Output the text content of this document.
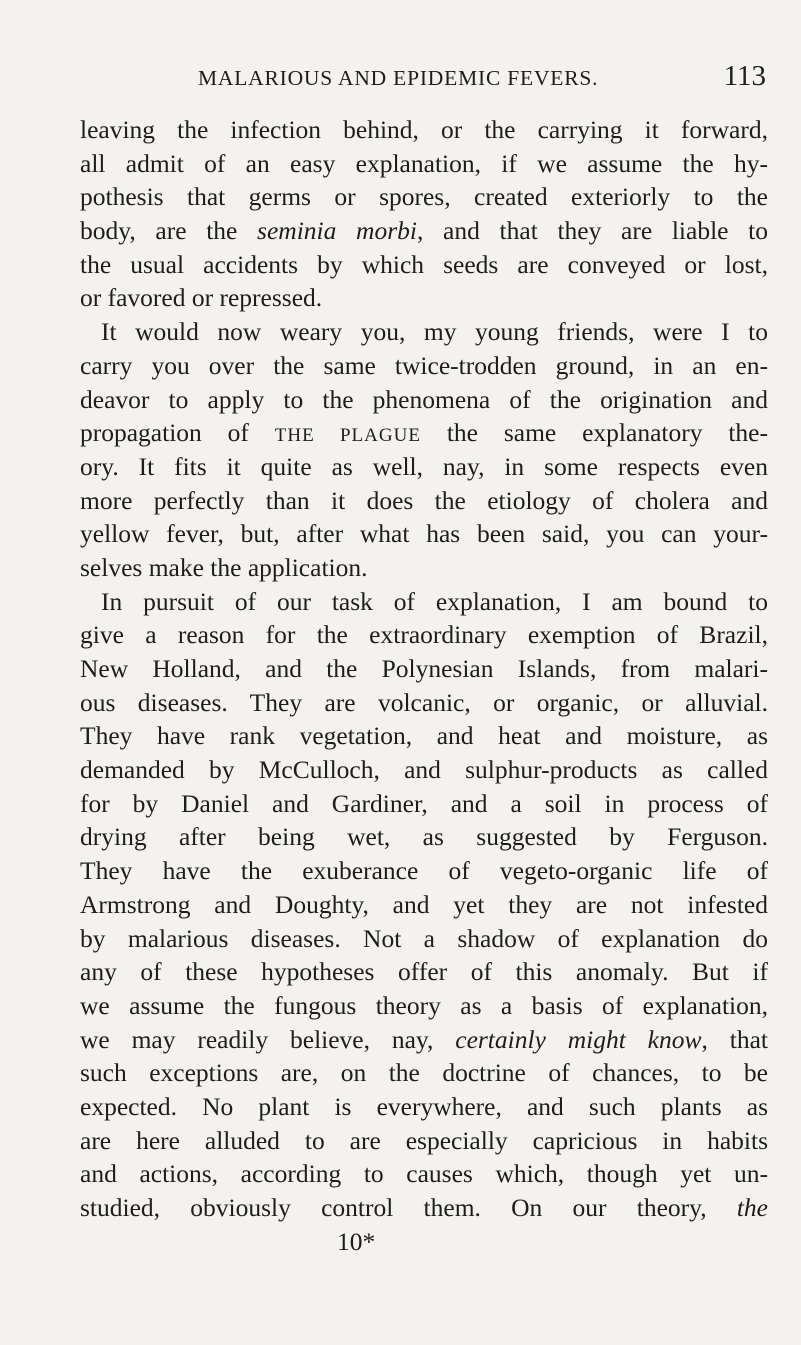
MALARIOUS AND EPIDEMIC FEVERS.	113
leaving the infection behind, or the carrying it forward,
all admit of an easy explanation, if we assume the hy-
pothesis that germs or spores, created exteriorly to the
body, are the seminia morbi, and that they are liable to
the usual accidents by which seeds are conveyed or lost,
or favored or repressed.
It would now weary you, my young friends, were I to
carry you over the same twice-trodden ground, in an en-
deavor to apply to the phenomena of the origination and
propagation of THE PLAGUE the same explanatory the-
ory. It fits it quite as well, nay, in some respects even
more perfectly than it does the etiology of cholera and
yellow fever, but, after what has been said, you can your-
selves make the application.
In pursuit of our task of explanation, I am bound to
give a reason for the extraordinary exemption of Brazil,
New Holland, and the Polynesian Islands, from malari-
ous diseases. They are volcanic, or organic, or alluvial.
They have rank vegetation, and heat and moisture, as
demanded by McCulloch, and sulphur-products as called
for by Daniel and Gardiner, and a soil in process of
drying after being wet, as suggested by Ferguson.
They have the exuberance of vegeto-organic life of
Armstrong and Doughty, and yet they are not infested
by malarious diseases. Not a shadow of explanation do
any of these hypotheses offer of this anomaly. But if
we assume the fungous theory as a basis of explanation,
we may readily believe, nay, certainly might know, that
such exceptions are, on the doctrine of chances, to be
expected. No plant is everywhere, and such plants as
are here alluded to are especially capricious in habits
and actions, according to causes which, though yet un-
studied, obviously control them. On our theory, the
10*
